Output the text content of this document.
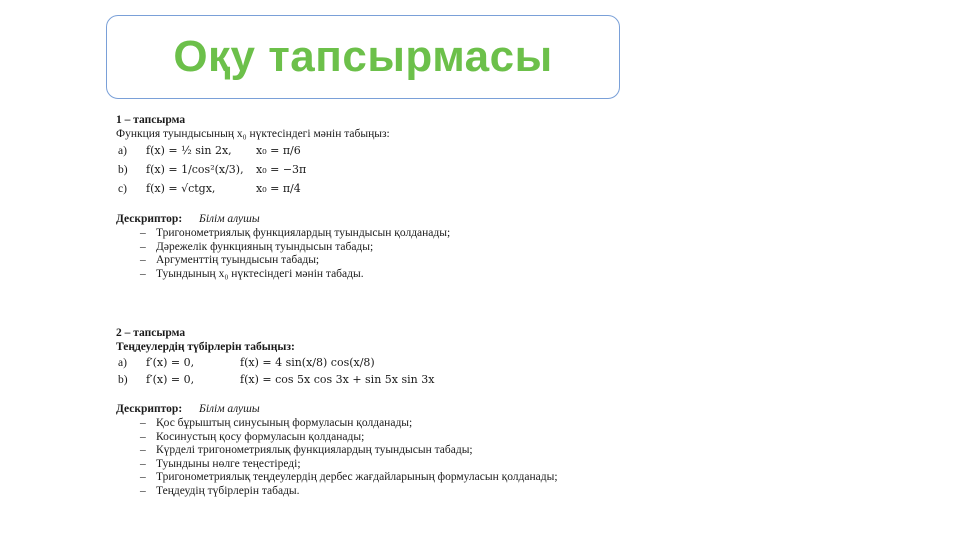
Оқу тапсырмасы
1 – тапсырма
Функция туындысының x₀ нүктесіндегі мәнін табыңыз:
a)	f(x) = ½ sin 2x,	x₀ = π/6
b)	f(x) = 1/cos²(x/3),	x₀ = −3π
c)	f(x) = √ctgx,	x₀ = π/4
Дескриптор: Білім алушы
– Тригонометриялық функциялардың туындысын қолданады;
– Дәрежелік функцияның туындысын табады;
– Аргументтің туындысын табады;
– Туындының x₀ нүктесіндегі мәнін табады.
2 – тапсырма
Теңдеулердің түбірлерін табыңыз:
a)	f′(x) = 0,	f(x) = 4 sin(x/8) cos(x/8)
b)	f′(x) = 0,	f(x) = cos 5x cos 3x + sin 5x sin 3x
Дескриптор: Білім алушы
– Қос бұрыштың синусының формуласын қолданады;
– Косинустың қосу формуласын қолданады;
– Күрделі тригонометриялық функциялардың туындысын табады;
– Туындыны нөлге теңестіреді;
– Тригонометриялық теңдеулердің дербес жағдайларының формуласын қолданады;
– Теңдеудің түбірлерін табады.
